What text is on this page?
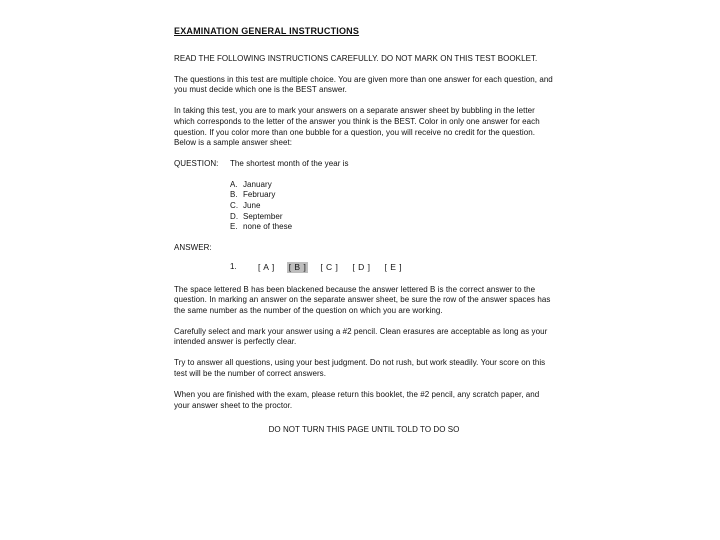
EXAMINATION GENERAL INSTRUCTIONS

READ THE FOLLOWING INSTRUCTIONS CAREFULLY. DO NOT MARK ON THIS TEST BOOKLET.

The questions in this test are multiple choice. You are given more than one answer for each question, and you must decide which one is the BEST answer.

In taking this test, you are to mark your answers on a separate answer sheet by bubbling in the letter which corresponds to the letter of the answer you think is the BEST. Color in only one answer for each question. If you color more than one bubble for a question, you will receive no credit for the question. Below is a sample answer sheet:

QUESTION: The shortest month of the year is
A. January
B. February
C. June
D. September
E. none of these
ANSWER:
1.	[ A ] [ B ] [ C ] [ D ] [ E ]

The space lettered B has been blackened because the answer lettered B is the correct answer to the question. In marking an answer on the separate answer sheet, be sure the row of the answer spaces has the same number as the number of the question on which you are working.

Carefully select and mark your answer using a #2 pencil. Clean erasures are acceptable as long as your intended answer is perfectly clear.

Try to answer all questions, using your best judgment. Do not rush, but work steadily. Your score on this test will be the number of correct answers.

When you are finished with the exam, please return this booklet, the #2 pencil, any scratch paper, and your answer sheet to the proctor.

DO NOT TURN THIS PAGE UNTIL TOLD TO DO SO
